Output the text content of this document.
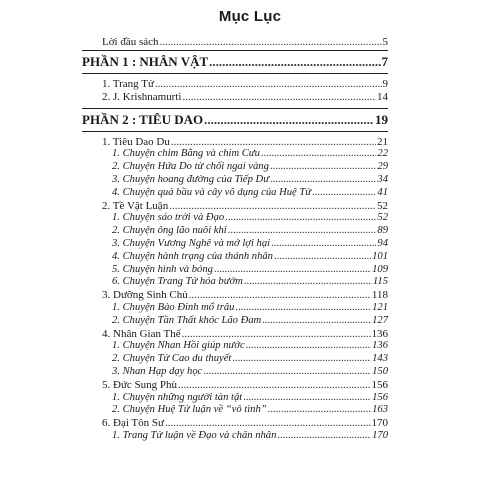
Mục Lục
Lời đầu sách .....	5
PHẦN 1 : NHÂN VẬT .....	7
1. Trang Tử .....	9
2. J. Krishnamurti .....	14
PHẦN 2 : TIÊU DAO .....	19
1. Tiêu Dao Du .....	21
1. Chuyện chim Bằng và chim Cưu .....	22
2. Chuyện Hứa Do từ chối ngai vàng .....	29
3. Chuyện hoang đường của Tiếp Dư .....	34
4. Chuyện quả bầu và cây vô dụng của Huệ Tử .....	41
2. Tề Vật Luận .....	52
1. Chuyện sáo trời và Đạo .....	52
2. Chuyện ông lão nuôi khỉ .....	89
3. Chuyện Vương Nghê và mớ lợi hại .....	94
4. Chuyện hành trạng của thánh nhân .....	101
5. Chuyện hình và bóng .....	109
6. Chuyện Trang Tử hóa bướm .....	115
3. Dưỡng Sinh Chủ .....	118
1. Chuyện Bào Đinh mổ trâu .....	121
2. Chuyện Tần Thất khóc Lão Đam .....	127
4. Nhân Gian Thế .....	136
1. Chuyện Nhan Hồi giúp nước .....	136
2. Chuyện Tử Cao du thuyết .....	143
3. Nhan Hạp dạy học .....	150
5. Đức Sung Phù .....	156
1. Chuyện những người tàn tật .....	156
2. Chuyện Huệ Tử luận về “vô tình” .....	163
6. Đại Tôn Sư .....	170
1. Trang Tử luận về Đạo và chân nhân .....	170
